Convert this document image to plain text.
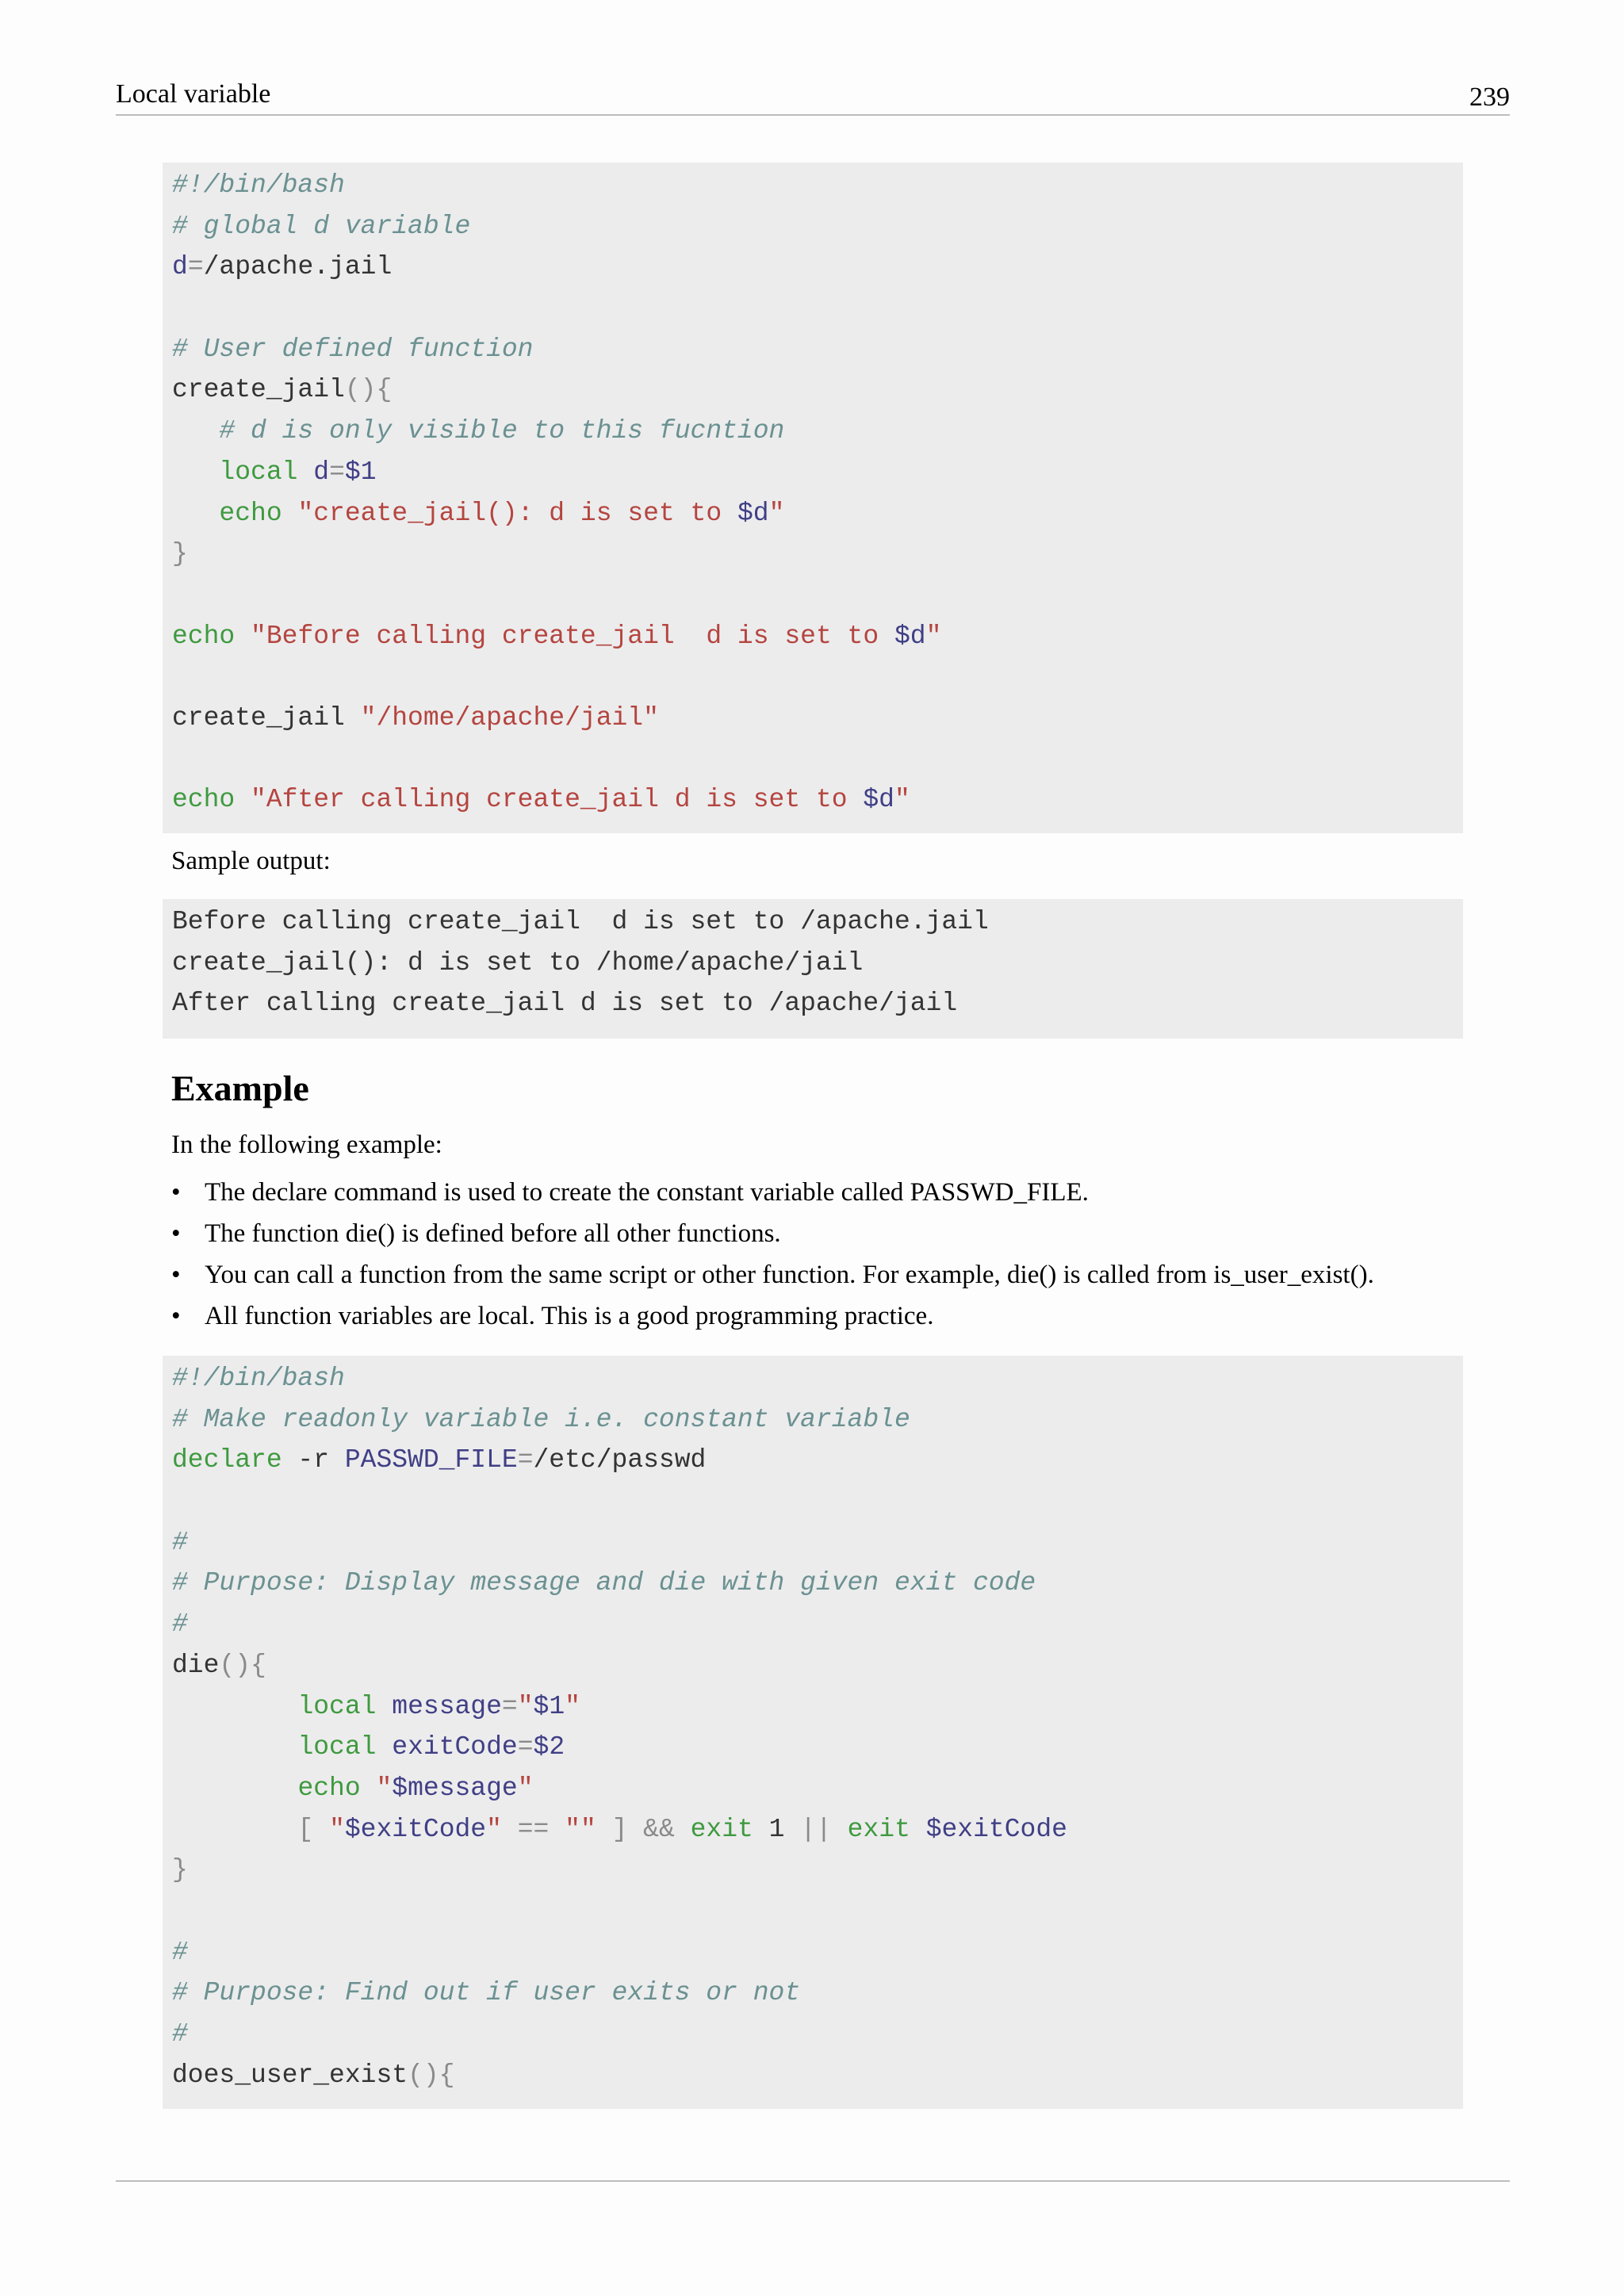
Local variable	239
#!/bin/bash
# global d variable
d=/apache.jail
# User defined function
create_jail(){
# d is only visible to this fucntion
local d=$1
echo "create_jail(): d is set to $d"
}
echo "Before calling create_jail  d is set to $d"
create_jail "/home/apache/jail"
echo "After calling create_jail d is set to $d"
Sample output:
Before calling create_jail  d is set to /apache.jail
create_jail(): d is set to /home/apache/jail
After calling create_jail d is set to /apache/jail
Example
In the following example:
• The declare command is used to create the constant variable called PASSWD_FILE.
• The function die() is defined before all other functions.
• You can call a function from the same script or other function. For example, die() is called from is_user_exist().
• All function variables are local. This is a good programming practice.
#!/bin/bash
# Make readonly variable i.e. constant variable
declare -r PASSWD_FILE=/etc/passwd
#
# Purpose: Display message and die with given exit code
#
die(){
local message="$1"
local exitCode=$2
echo "$message"
[ "$exitCode" == "" ] && exit 1 || exit $exitCode
}
#
# Purpose: Find out if user exits or not
#
does_user_exist(){
